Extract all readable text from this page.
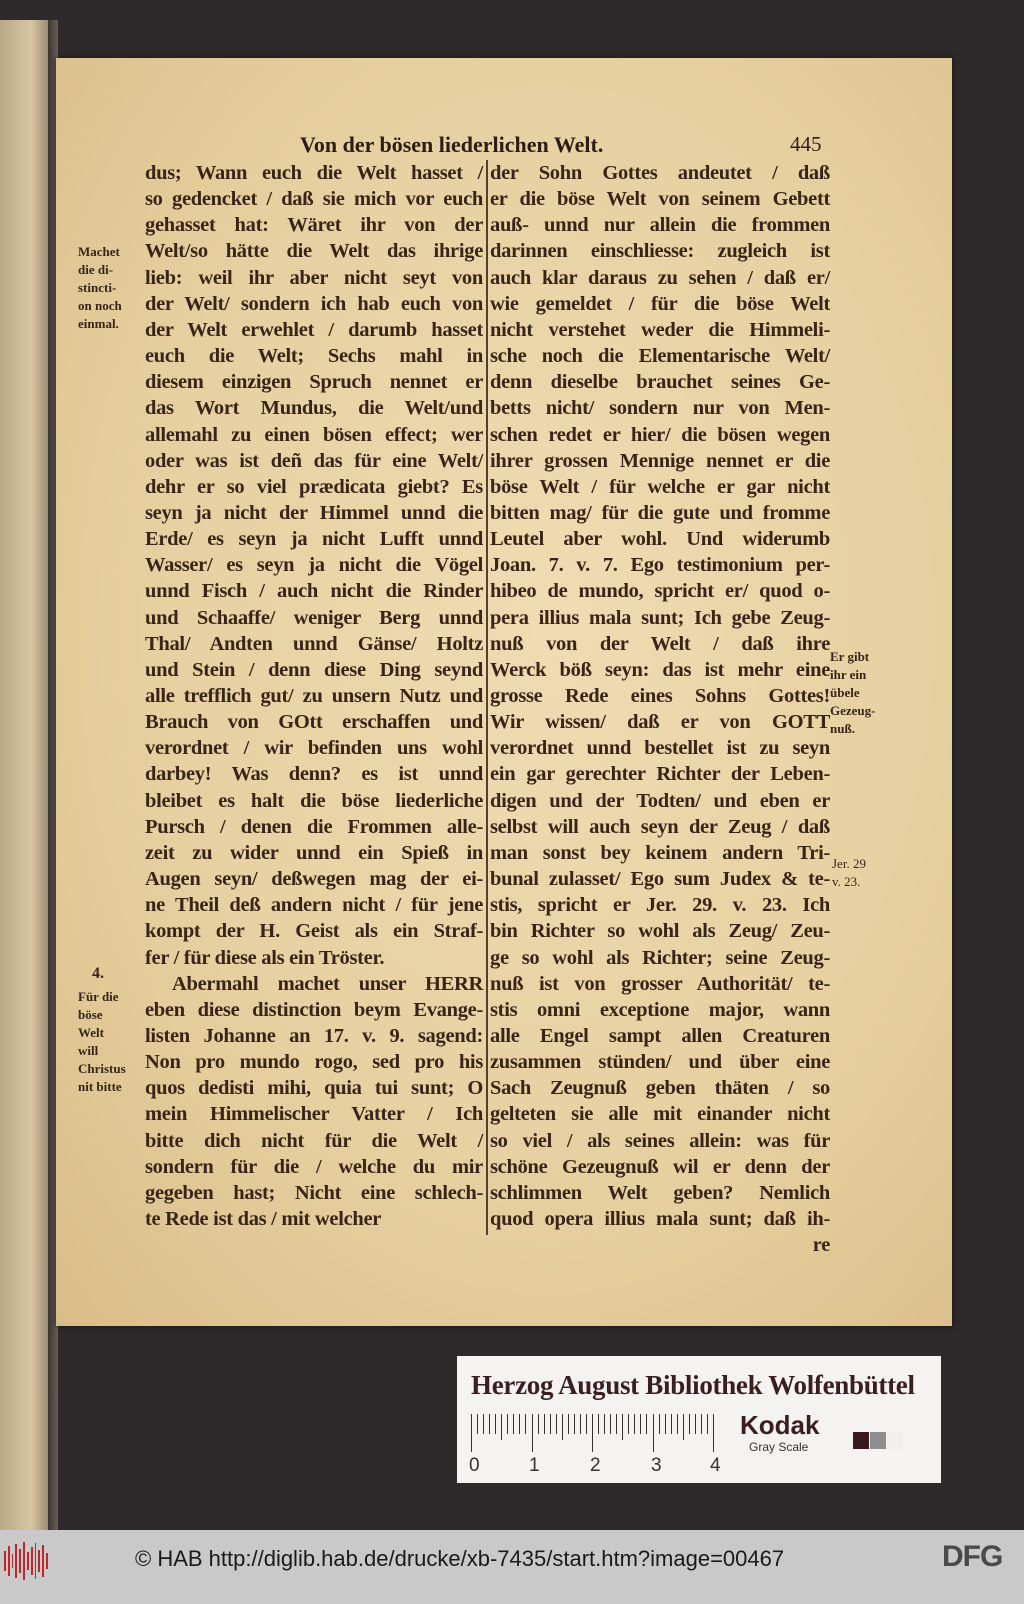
Von der bösen liederlichen Welt.	445
dus; Wann euch die Welt hasset /
so gedencket / daß sie mich vor euch
gehasset hat: Wäret ihr von der
Welt/so hätte die Welt das ihrige
lieb: weil ihr aber nicht seyt von
der Welt/ sondern ich hab euch von
der Welt erwehlet / darumb hasset
euch die Welt; Sechs mahl in
diesem einzigen Spruch nennet er
das Wort Mundus, die Welt/und
allemahl zu einen bösen effect; wer
oder was ist deñ das für eine Welt/
dehr er so viel prædicata giebt? Es
seyn ja nicht der Himmel unnd die
Erde/ es seyn ja nicht Lufft unnd
Wasser/ es seyn ja nicht die Vögel
unnd Fisch / auch nicht die Rinder
und Schaaffe/ weniger Berg unnd
Thal/ Andten unnd Gänse/ Holtz
und Stein / denn diese Ding seynd
alle trefflich gut/ zu unsern Nutz und
Brauch von GOtt erschaffen und
verordnet / wir befinden uns wohl
darbey! Was denn? es ist unnd
bleibet es halt die böse liederliche
Pursch / denen die Frommen alle-
zeit zu wider unnd ein Spieß in
Augen seyn/ deßwegen mag der ei-
ne Theil deß andern nicht / für jene
kompt der H. Geist als ein Straf-
fer / für diese als ein Tröster.
Abermahl machet unser HERR
eben diese distinction beym Evange-
listen Johanne an 17. v. 9. sagend:
Non pro mundo rogo, sed pro his
quos dedisti mihi, quia tui sunt; O
mein Himmelischer Vatter / Ich
bitte dich nicht für die Welt /
sondern für die / welche du mir
gegeben hast; Nicht eine schlech-
te Rede ist das / mit welcher
der Sohn Gottes andeutet / daß
er die böse Welt von seinem Gebett
auß- unnd nur allein die frommen
darinnen einschliesse: zugleich ist
auch klar daraus zu sehen / daß er/
wie gemeldet / für die böse Welt
nicht verstehet weder die Himmeli-
sche noch die Elementarische Welt/
denn dieselbe brauchet seines Ge-
betts nicht/ sondern nur von Men-
schen redet er hier/ die bösen wegen
ihrer grossen Mennige nennet er die
böse Welt / für welche er gar nicht
bitten mag/ für die gute und fromme
Leutel aber wohl. Und widerumb
Joan. 7. v. 7. Ego testimonium per-
hibeo de mundo, spricht er/ quod o-
pera illius mala sunt; Ich gebe Zeug-
nuß von der Welt / daß ihre
Werck böß seyn: das ist mehr eine
grosse Rede eines Sohns Gottes!
Wir wissen/ daß er von GOTT
verordnet unnd bestellet ist zu seyn
ein gar gerechter Richter der Leben-
digen und der Todten/ und eben er
selbst will auch seyn der Zeug / daß
man sonst bey keinem andern Tri-
bunal zulasset/ Ego sum Judex & te-
stis, spricht er Jer. 29. v. 23. Ich
bin Richter so wohl als Zeug/ Zeu-
ge so wohl als Richter; seine Zeug-
nuß ist von grosser Authorität/ te-
stis omni exceptione major, wann
alle Engel sampt allen Creaturen
zusammen stünden/ und über eine
Sach Zeugnuß geben thäten / so
gelteten sie alle mit einander nicht
so viel / als seines allein: was für
schöne Gezeugnuß wil er denn der
schlimmen Welt geben? Nemlich
quod opera illius mala sunt; daß ih-
re
Machet
die di-
stincti-
on noch
einmal.
4.
Für die
böse
Welt
will
Christus
nit bitte
Er gibt
ihr ein
übele
Gezeug-
nuß.
Jer. 29
v. 23.
Herzog August Bibliothek Wolfenbüttel
0	1	2	3	4
Kodak
Gray Scale
© HAB http://diglib.hab.de/drucke/xb-7435/start.htm?image=00467	DFG
